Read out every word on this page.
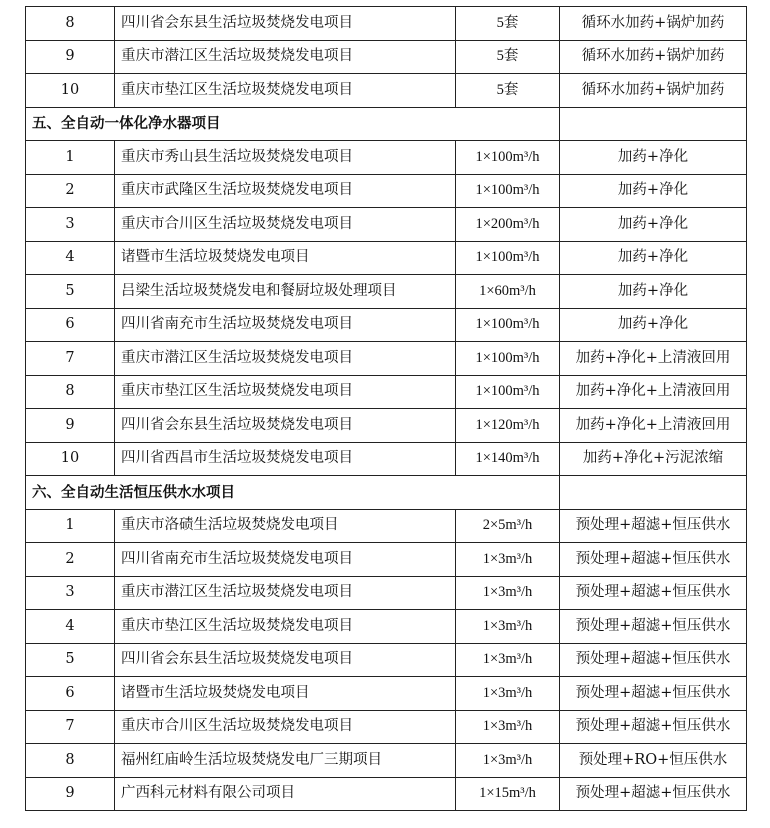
8	四川省会东县生活垃圾焚烧发电项目	5套	循环水加药+锅炉加药
9	重庆市潜江区生活垃圾焚烧发电项目	5套	循环水加药+锅炉加药
10	重庆市垫江区生活垃圾焚烧发电项目	5套	循环水加药+锅炉加药
五、全自动一体化净水器项目			
1	重庆市秀山县生活垃圾焚烧发电项目	1×100m³/h	加药+净化
2	重庆市武隆区生活垃圾焚烧发电项目	1×100m³/h	加药+净化
3	重庆市合川区生活垃圾焚烧发电项目	1×200m³/h	加药+净化
4	诸暨市生活垃圾焚烧发电项目	1×100m³/h	加药+净化
5	吕梁生活垃圾焚烧发电和餐厨垃圾处理项目	1×60m³/h	加药+净化
6	四川省南充市生活垃圾焚烧发电项目	1×100m³/h	加药+净化
7	重庆市潜江区生活垃圾焚烧发电项目	1×100m³/h	加药+净化+上清液回用
8	重庆市垫江区生活垃圾焚烧发电项目	1×100m³/h	加药+净化+上清液回用
9	四川省会东县生活垃圾焚烧发电项目	1×120m³/h	加药+净化+上清液回用
10	四川省西昌市生活垃圾焚烧发电项目	1×140m³/h	加药+净化+污泥浓缩
六、全自动生活恒压供水水项目			
1	重庆市洛碛生活垃圾焚烧发电项目	2×5m³/h	预处理+超滤+恒压供水
2	四川省南充市生活垃圾焚烧发电项目	1×3m³/h	预处理+超滤+恒压供水
3	重庆市潜江区生活垃圾焚烧发电项目	1×3m³/h	预处理+超滤+恒压供水
4	重庆市垫江区生活垃圾焚烧发电项目	1×3m³/h	预处理+超滤+恒压供水
5	四川省会东县生活垃圾焚烧发电项目	1×3m³/h	预处理+超滤+恒压供水
6	诸暨市生活垃圾焚烧发电项目	1×3m³/h	预处理+超滤+恒压供水
7	重庆市合川区生活垃圾焚烧发电项目	1×3m³/h	预处理+超滤+恒压供水
8	福州红庙岭生活垃圾焚烧发电厂三期项目	1×3m³/h	预处理+RO+恒压供水
9	广西科元材料有限公司项目	1×15m³/h	预处理+超滤+恒压供水
